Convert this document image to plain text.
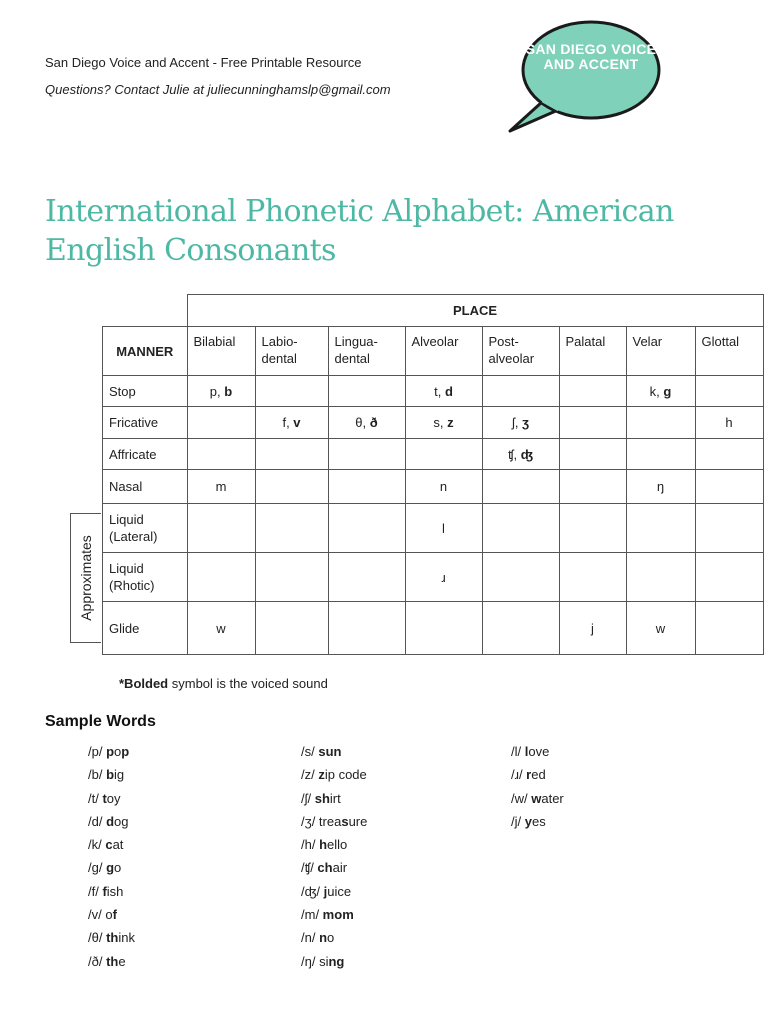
San Diego Voice and Accent - Free Printable Resource
Questions? Contact Julie at juliecunninghamslp@gmail.com
SAN DIEGO VOICE AND ACCENT
International Phonetic Alphabet: American English Consonants
	PLACE							
MANNER	Bilabial	Labio-dental	Lingua-dental	Alveolar	Post-alveolar	Palatal	Velar	Glottal
Stop	p, b			t, d			k, g	
Fricative		f, v	θ, ð	s, z	ʃ, ʒ			h
Affricate					ʧ, ʤ			
Nasal	m			n			ŋ	
Liquid (Lateral)				l				
Liquid (Rhotic)				ɹ				
Glide	w					j	w	
Approximates
*Bolded symbol is the voiced sound
Sample Words
/p/ pop
/b/ big
/t/ toy
/d/ dog
/k/ cat
/g/ go
/f/ fish
/v/ of
/θ/ think
/ð/ the
/s/ sun
/z/ zip code
/ʃ/ shirt
/ʒ/ treasure
/h/ hello
/ʧ/ chair
/ʤ/ juice
/m/ mom
/n/ no
/ŋ/ sing
/l/ love
/ɹ/ red
/w/ water
/j/ yes
